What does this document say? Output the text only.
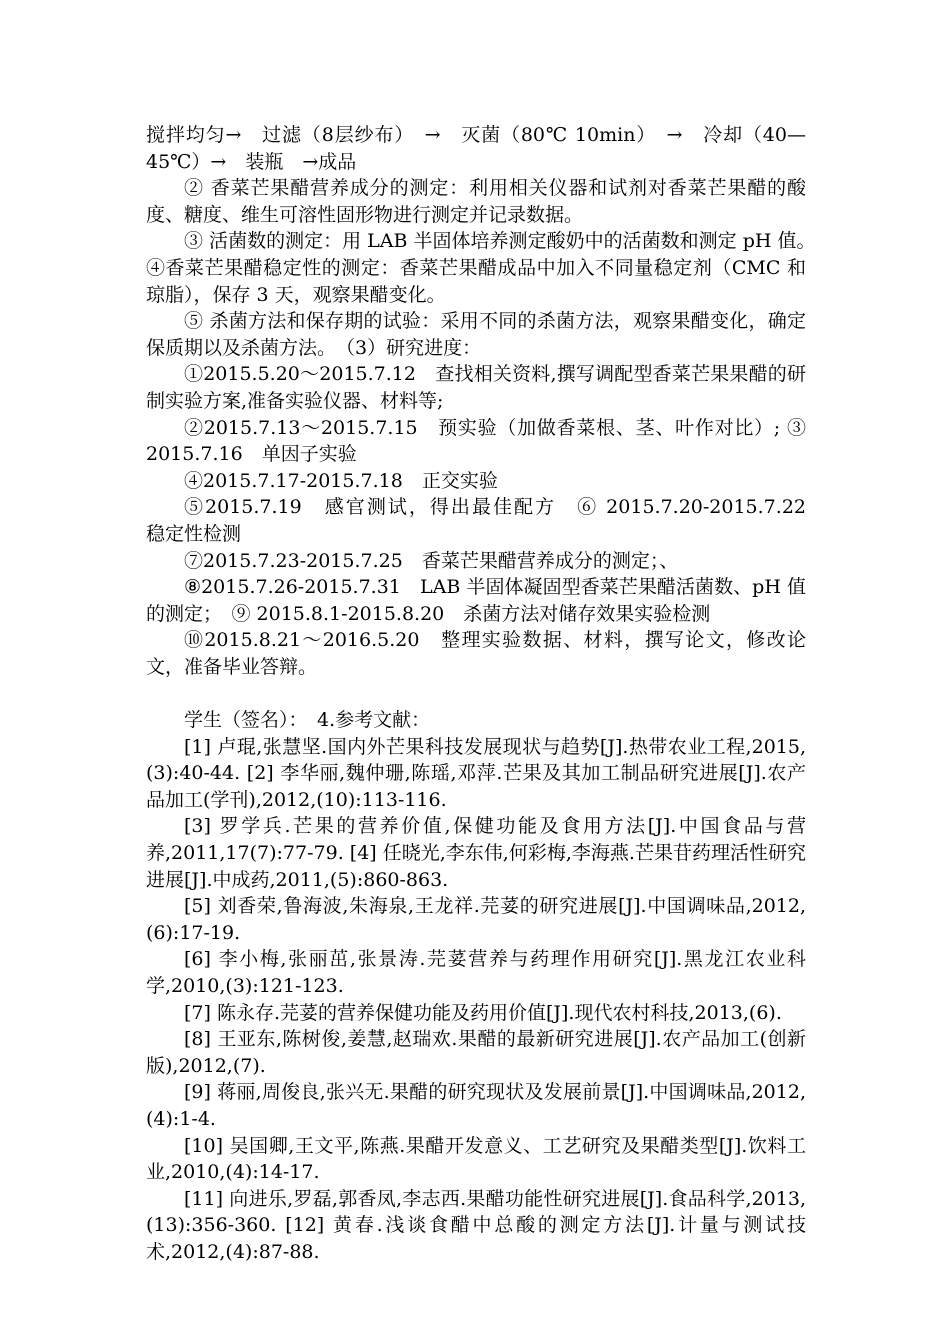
搅拌均匀→　过滤（8层纱布）　→　灭菌（80℃ 10min）　→　冷却（40—45℃）→　装瓶　→成品

② 香菜芒果醋营养成分的测定：利用相关仪器和试剂对香菜芒果醋的酸度、糖度、维生可溶性固形物进行测定并记录数据。

③ 活菌数的测定：用 LAB 半固体培养测定酸奶中的活菌数和测定 pH 值。　④香菜芒果醋稳定性的测定：香菜芒果醋成品中加入不同量稳定剂（CMC 和琼脂），保存 3 天，观察果醋变化。

⑤ 杀菌方法和保存期的试验：采用不同的杀菌方法，观察果醋变化，确定保质期以及杀菌方法。　（3）研究进度：

①2015.5.20～2015.7.12　查找相关资料,撰写调配型香菜芒果果醋的研制实验方案,准备实验仪器、材料等;

②2015.7.13～2015.7.15　预实验（加做香菜根、茎、叶作对比）; ③ 2015.7.16　单因子实验

④2015.7.17-2015.7.18　正交实验

⑤2015.7.19　感官测试，得出最佳配方　⑥ 2015.7.20-2015.7.22　稳定性检测

⑦2015.7.23-2015.7.25　香菜芒果醋营养成分的测定；、

⑧2015.7.26-2015.7.31　LAB 半固体凝固型香菜芒果醋活菌数、pH 值的测定；　⑨ 2015.8.1-2015.8.20　杀菌方法对储存效果实验检测

⑩2015.8.21～2016.5.20　整理实验数据、材料，撰写论文，修改论文，准备毕业答辩。

学生（签名）：　4.参考文献：

[1] 卢琨,张慧坚.国内外芒果科技发展现状与趋势[J].热带农业工程,2015, (3):40-44. [2] 李华丽,魏仲珊,陈瑶,邓萍.芒果及其加工制品研究进展[J].农产品加工(学刊),2012,(10):113-116.

[3] 罗学兵.芒果的营养价值,保健功能及食用方法[J].中国食品与营养,2011,17(7):77-79. [4] 任晓光,李东伟,何彩梅,李海燕.芒果苷药理活性研究进展[J].中成药,2011,(5):860-863.

[5] 刘香荣,鲁海波,朱海泉,王龙祥.芫荽的研究进展[J].中国调味品,2012,(6):17-19.

[6] 李小梅,张丽茁,张景涛.芫荽营养与药理作用研究[J].黑龙江农业科学,2010,(3):121-123.

[7] 陈永存.芫荽的营养保健功能及药用价值[J].现代农村科技,2013,(6).

[8] 王亚东,陈树俊,姜慧,赵瑞欢.果醋的最新研究进展[J].农产品加工(创新版),2012,(7).

[9] 蒋丽,周俊良,张兴无.果醋的研究现状及发展前景[J].中国调味品,2012,(4):1-4.

[10] 吴国卿,王文平,陈燕.果醋开发意义、工艺研究及果醋类型[J].饮料工业,2010,(4):14-17.

[11] 向进乐,罗磊,郭香凤,李志西.果醋功能性研究进展[J].食品科学,2013,(13):356-360. [12] 黄春.浅谈食醋中总酸的测定方法[J].计量与测试技术,2012,(4):87-88.
